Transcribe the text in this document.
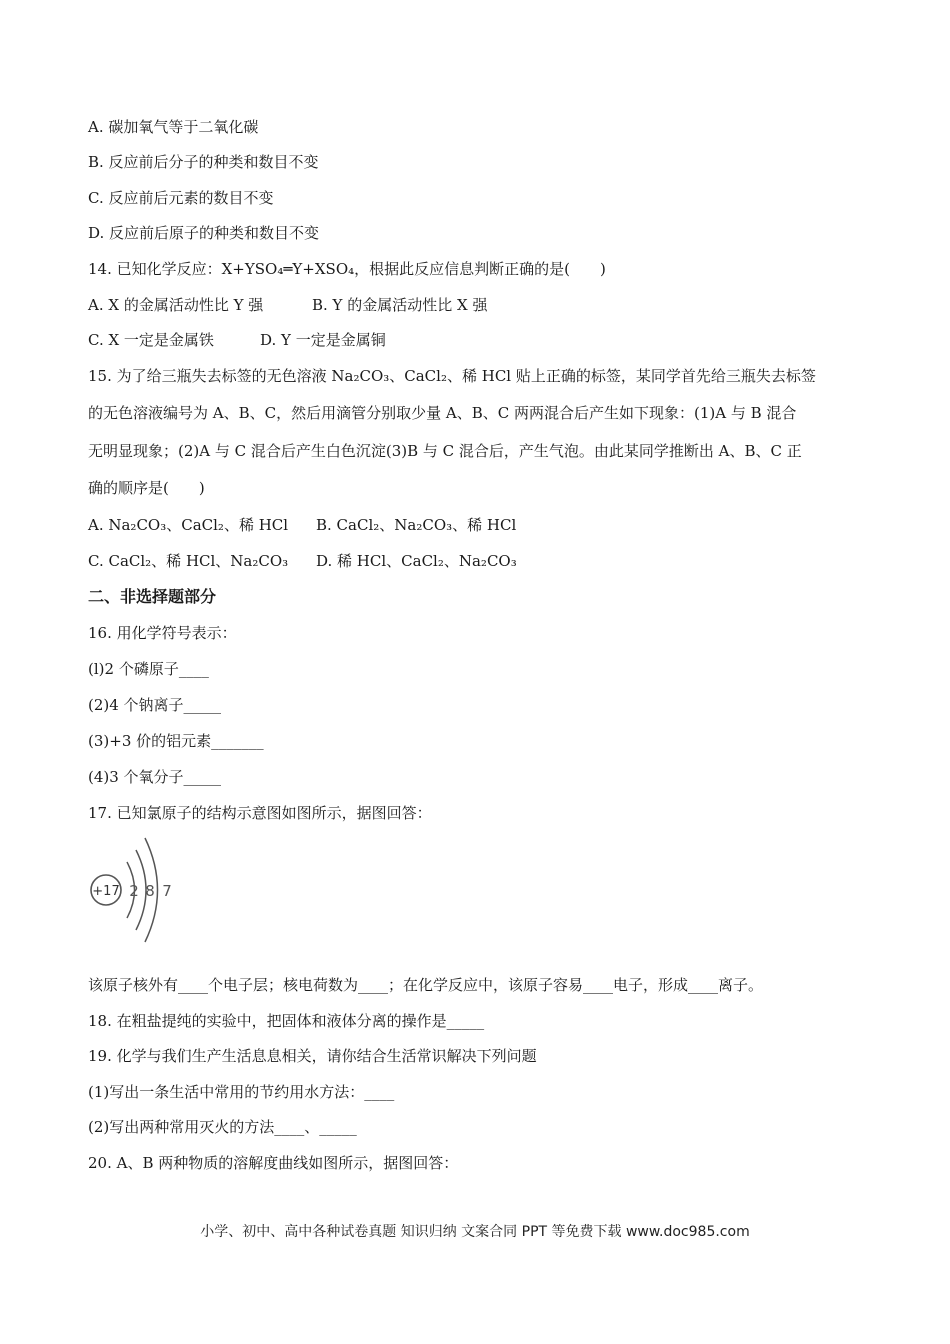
A. 碳加氧气等于二氧化碳
B. 反应前后分子的种类和数目不变
C. 反应前后元素的数目不变
D. 反应前后原子的种类和数目不变
14. 已知化学反应：X+YSO₄═Y+XSO₄，根据此反应信息判断正确的是(　　)
A. X 的金属活动性比 Y 强	B. Y 的金属活动性比 X 强
C. X 一定是金属铁	D. Y 一定是金属铜
15. 为了给三瓶失去标签的无色溶液 Na₂CO₃、CaCl₂、稀 HCl 贴上正确的标签，某同学首先给三瓶失去标签
的无色溶液编号为 A、B、C，然后用滴管分别取少量 A、B、C 两两混合后产生如下现象：(1)A 与 B 混合
无明显现象；(2)A 与 C 混合后产生白色沉淀(3)B 与 C 混合后，产生气泡。由此某同学推断出 A、B、C 正
确的顺序是(　　)
A. Na₂CO₃、CaCl₂、稀 HCl B. CaCl₂、Na₂CO₃、稀 HCl
C. CaCl₂、稀 HCl、Na₂CO₃ D. 稀 HCl、CaCl₂、Na₂CO₃
二、非选择题部分
16. 用化学符号表示：
(l)2 个磷原子____
(2)4 个钠离子_____
(3)+3 价的铝元素_______
(4)3 个氧分子_____
17. 已知氯原子的结构示意图如图所示，据图回答：
+17 2 8 7
该原子核外有____个电子层；核电荷数为____；在化学反应中，该原子容易____电子，形成____离子。
18. 在粗盐提纯的实验中，把固体和液体分离的操作是_____
19. 化学与我们生产生活息息相关，请你结合生活常识解决下列问题
(1)写出一条生活中常用的节约用水方法：____
(2)写出两种常用灭火的方法____、_____
20. A、B 两种物质的溶解度曲线如图所示，据图回答：
小学、初中、高中各种试卷真题 知识归纳 文案合同 PPT 等免费下载 www.doc985.com
